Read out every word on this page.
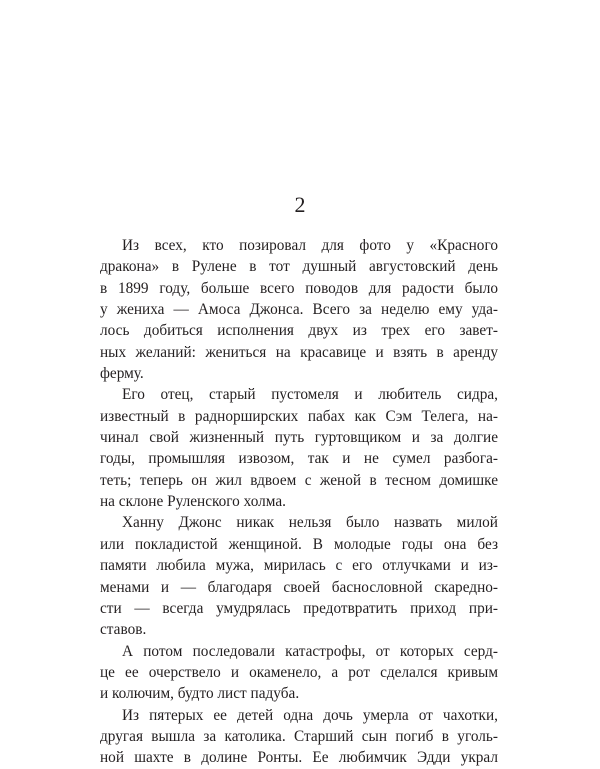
2

Из всех, кто позировал для фото у «Красного
дракона» в Рулене в тот душный августовский день
в 1899 году, больше всего поводов для радости было
у жениха — Амоса Джонса. Всего за неделю ему уда-
лось добиться исполнения двух из трех его завет-
ных желаний: жениться на красавице и взять в аренду
ферму.

Его отец, старый пустомеля и любитель сидра,
известный в раднорширских пабах как Сэм Телега, на-
чинал свой жизненный путь гуртовщиком и за долгие
годы, промышляя извозом, так и не сумел разбога-
теть; теперь он жил вдвоем с женой в тесном домишке
на склоне Руленского холма.

Ханну Джонс никак нельзя было назвать милой
или покладистой женщиной. В молодые годы она без
памяти любила мужа, мирилась с его отлучками и из-
менами и — благодаря своей баснословной скаредно-
сти — всегда умудрялась предотвратить приход при-
ставов.

А потом последовали катастрофы, от которых серд-
це ее очерствело и окаменело, а рот сделался кривым
и колючим, будто лист падуба.

Из пятерых ее детей одна дочь умерла от чахотки,
другая вышла за католика. Старший сын погиб в уголь-
ной шахте в долине Ронты. Ее любимчик Эдди украл
